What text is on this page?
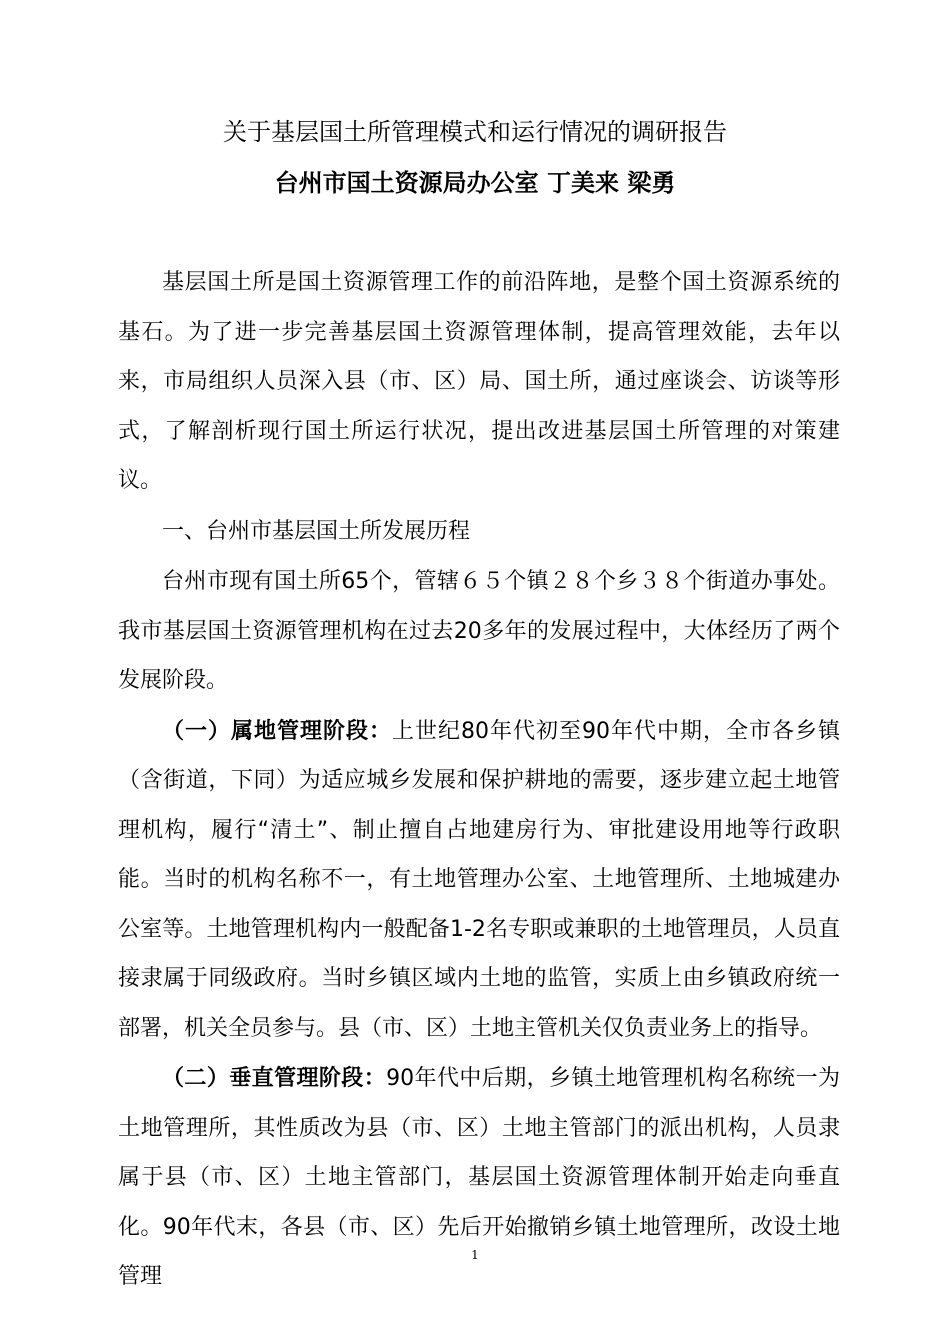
关于基层国土所管理模式和运行情况的调研报告
台州市国土资源局办公室 丁美来 梁勇

基层国土所是国土资源管理工作的前沿阵地，是整个国土资源系统的基石。为了进一步完善基层国土资源管理体制，提高管理效能，去年以来，市局组织人员深入县（市、区）局、国土所，通过座谈会、访谈等形式，了解剖析现行国土所运行状况，提出改进基层国土所管理的对策建议。

一、台州市基层国土所发展历程

台州市现有国土所65个，管辖６５个镇２８个乡３８个街道办事处。我市基层国土资源管理机构在过去20多年的发展过程中，大体经历了两个发展阶段。

（一）属地管理阶段：上世纪80年代初至90年代中期，全市各乡镇（含街道，下同）为适应城乡发展和保护耕地的需要，逐步建立起土地管理机构，履行“清土”、制止擅自占地建房行为、审批建设用地等行政职能。当时的机构名称不一，有土地管理办公室、土地管理所、土地城建办公室等。土地管理机构内一般配备1-2名专职或兼职的土地管理员，人员直接隶属于同级政府。当时乡镇区域内土地的监管，实质上由乡镇政府统一部署，机关全员参与。县（市、区）土地主管机关仅负责业务上的指导。

（二）垂直管理阶段：90年代中后期，乡镇土地管理机构名称统一为土地管理所，其性质改为县（市、区）土地主管部门的派出机构，人员隶属于县（市、区）土地主管部门，基层国土资源管理体制开始走向垂直化。90年代末，各县（市、区）先后开始撤销乡镇土地管理所，改设土地管理

1
